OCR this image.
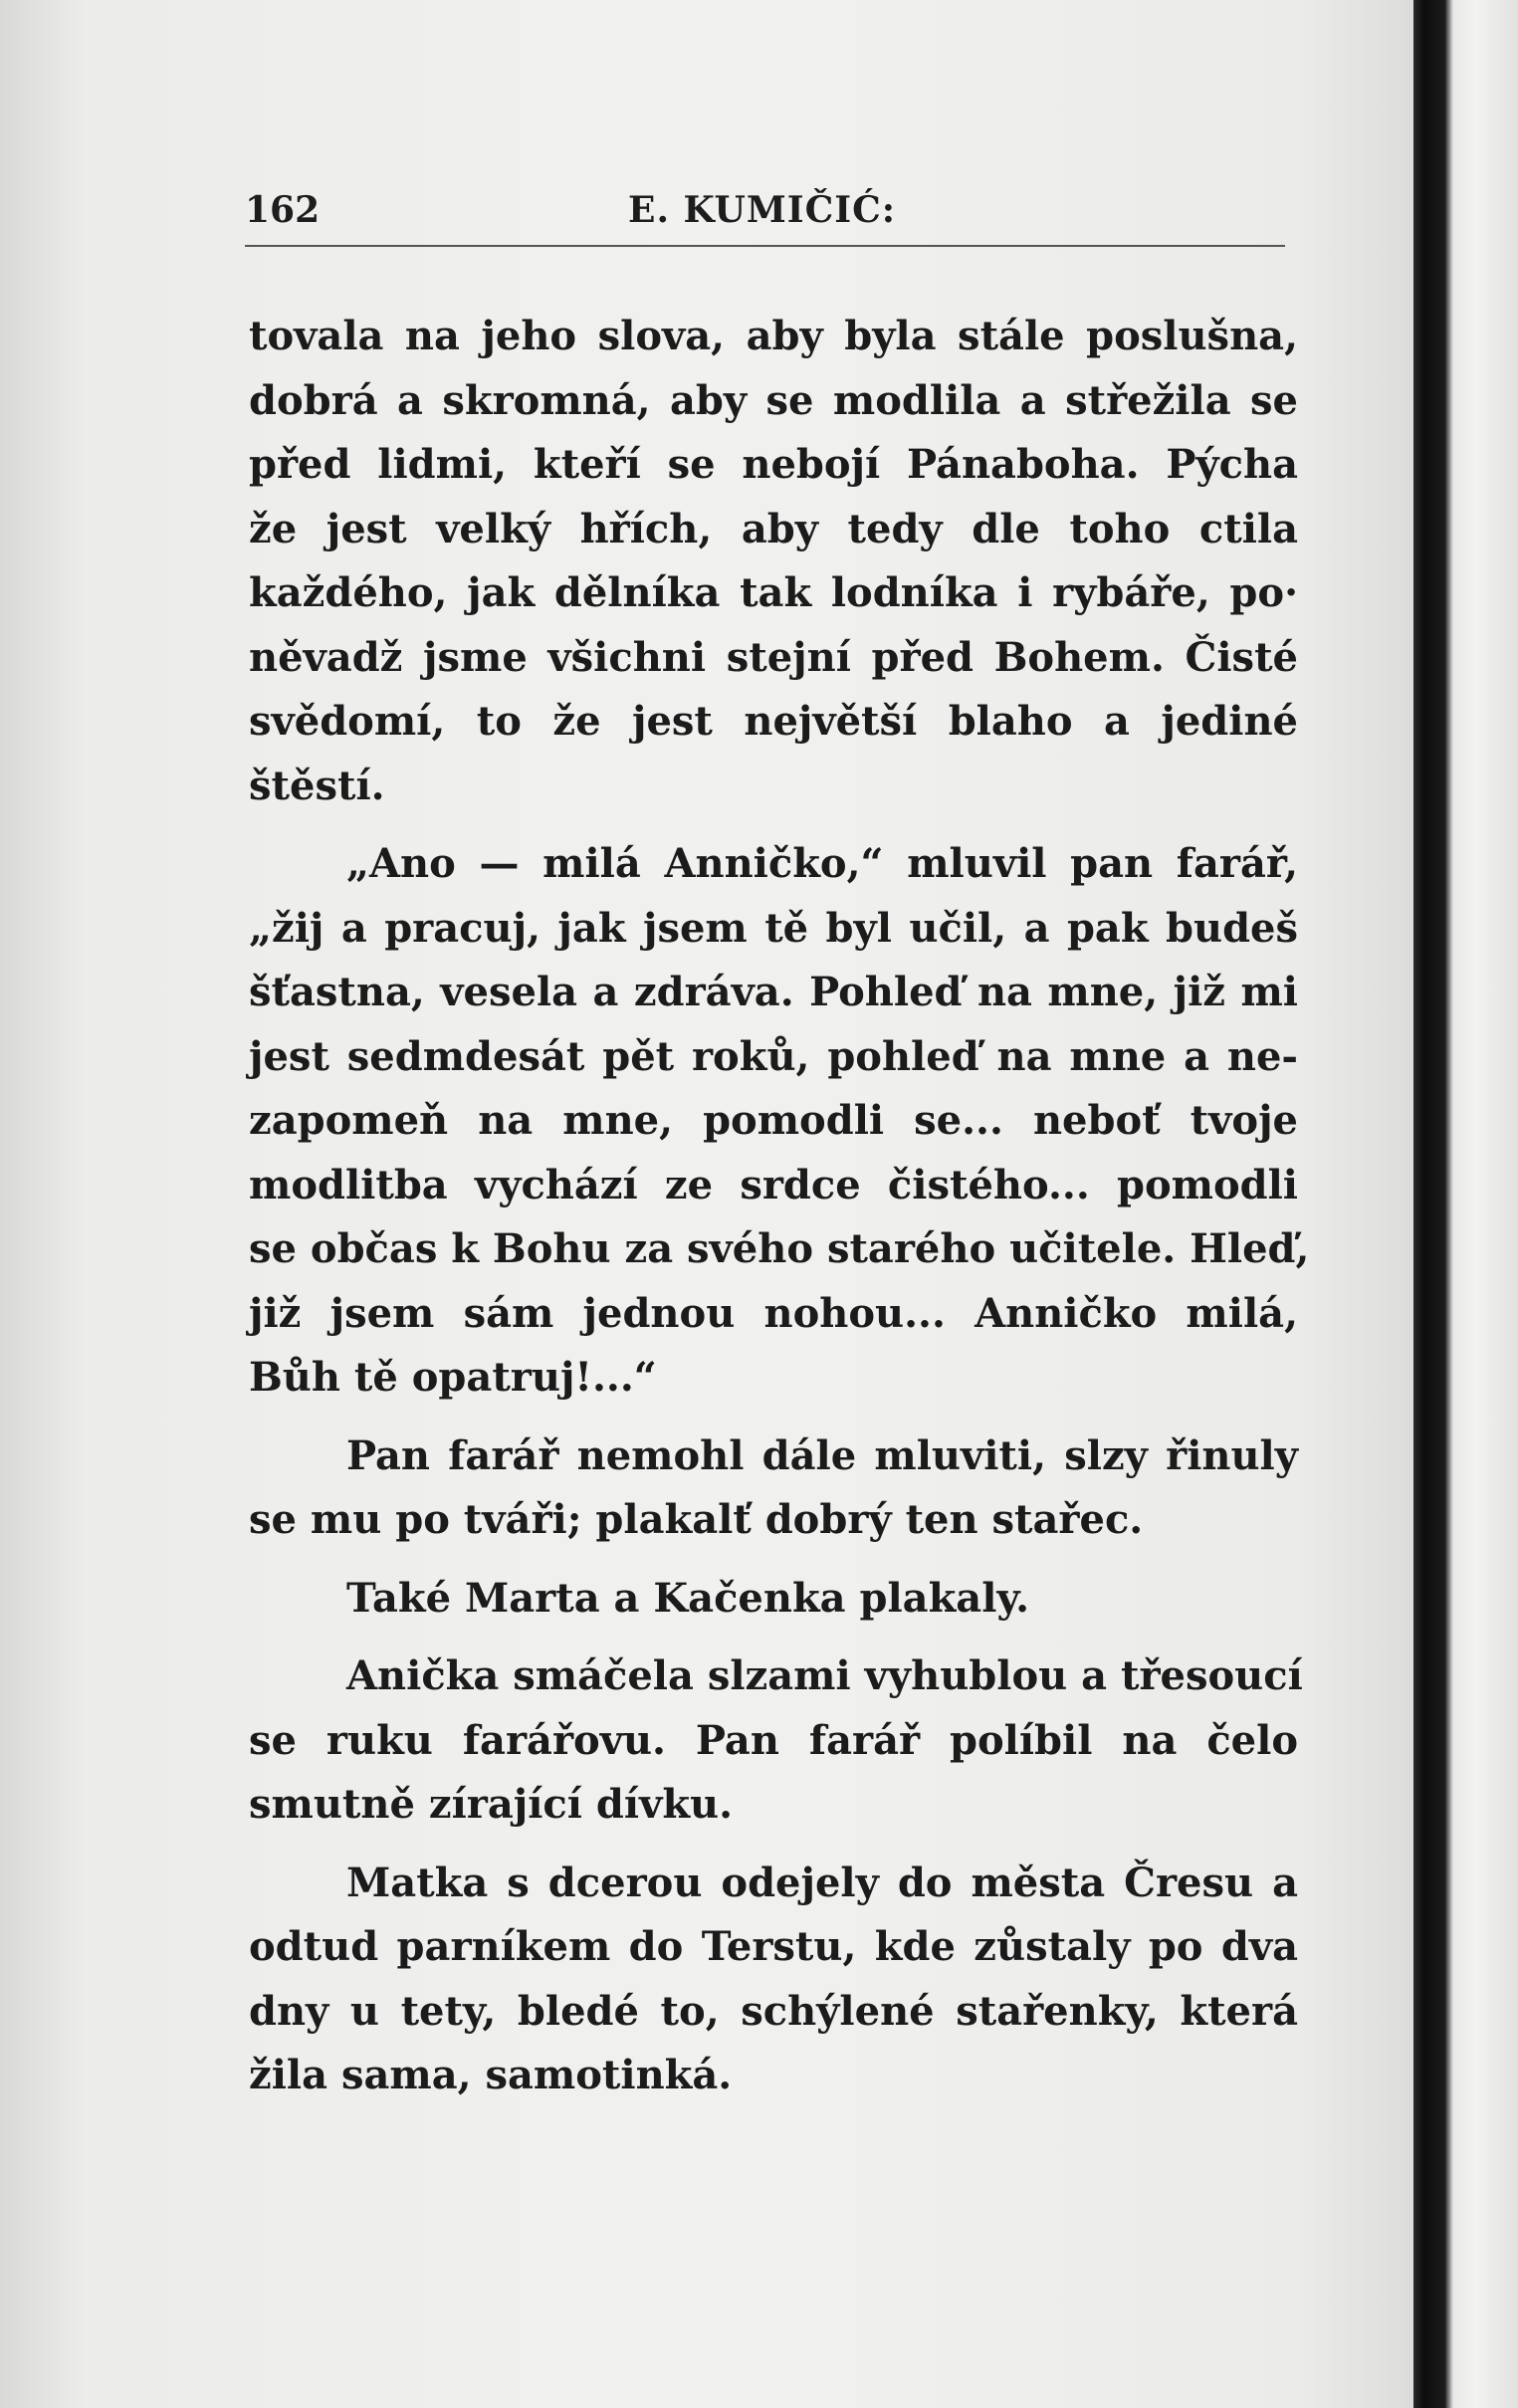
162	E. KUMIČIĆ:
tovala na jeho slova, aby byla stále poslušna,
dobrá a skromná, aby se modlila a střežila se
před lidmi, kteří se nebojí Pánaboha. Pýcha
že jest velký hřích, aby tedy dle toho ctila
každého, jak dělníka tak lodníka i rybáře, po·
něvadž jsme všichni stejní před Bohem. Čisté
svědomí, to že jest největší blaho a jediné
štěstí.
„Ano — milá Anničko,“ mluvil pan farář,
„žij a pracuj, jak jsem tě byl učil, a pak budeš
šťastna, vesela a zdráva. Pohleď na mne, již mi
jest sedmdesát pět roků, pohleď na mne a ne-
zapomeň na mne, pomodli se... neboť tvoje
modlitba vychází ze srdce čistého... pomodli
se občas k Bohu za svého starého učitele. Hleď,
již jsem sám jednou nohou... Anničko milá,
Bůh tě opatruj!...“
Pan farář nemohl dále mluviti, slzy řinuly
se mu po tváři; plakalť dobrý ten stařec.
Také Marta a Kačenka plakaly.
Anička smáčela slzami vyhublou a třesoucí
se ruku farářovu. Pan farář políbil na čelo
smutně zírající dívku.
Matka s dcerou odejely do města Čresu a
odtud parníkem do Terstu, kde zůstaly po dva
dny u tety, bledé to, schýlené stařenky, která
žila sama, samotinká.
